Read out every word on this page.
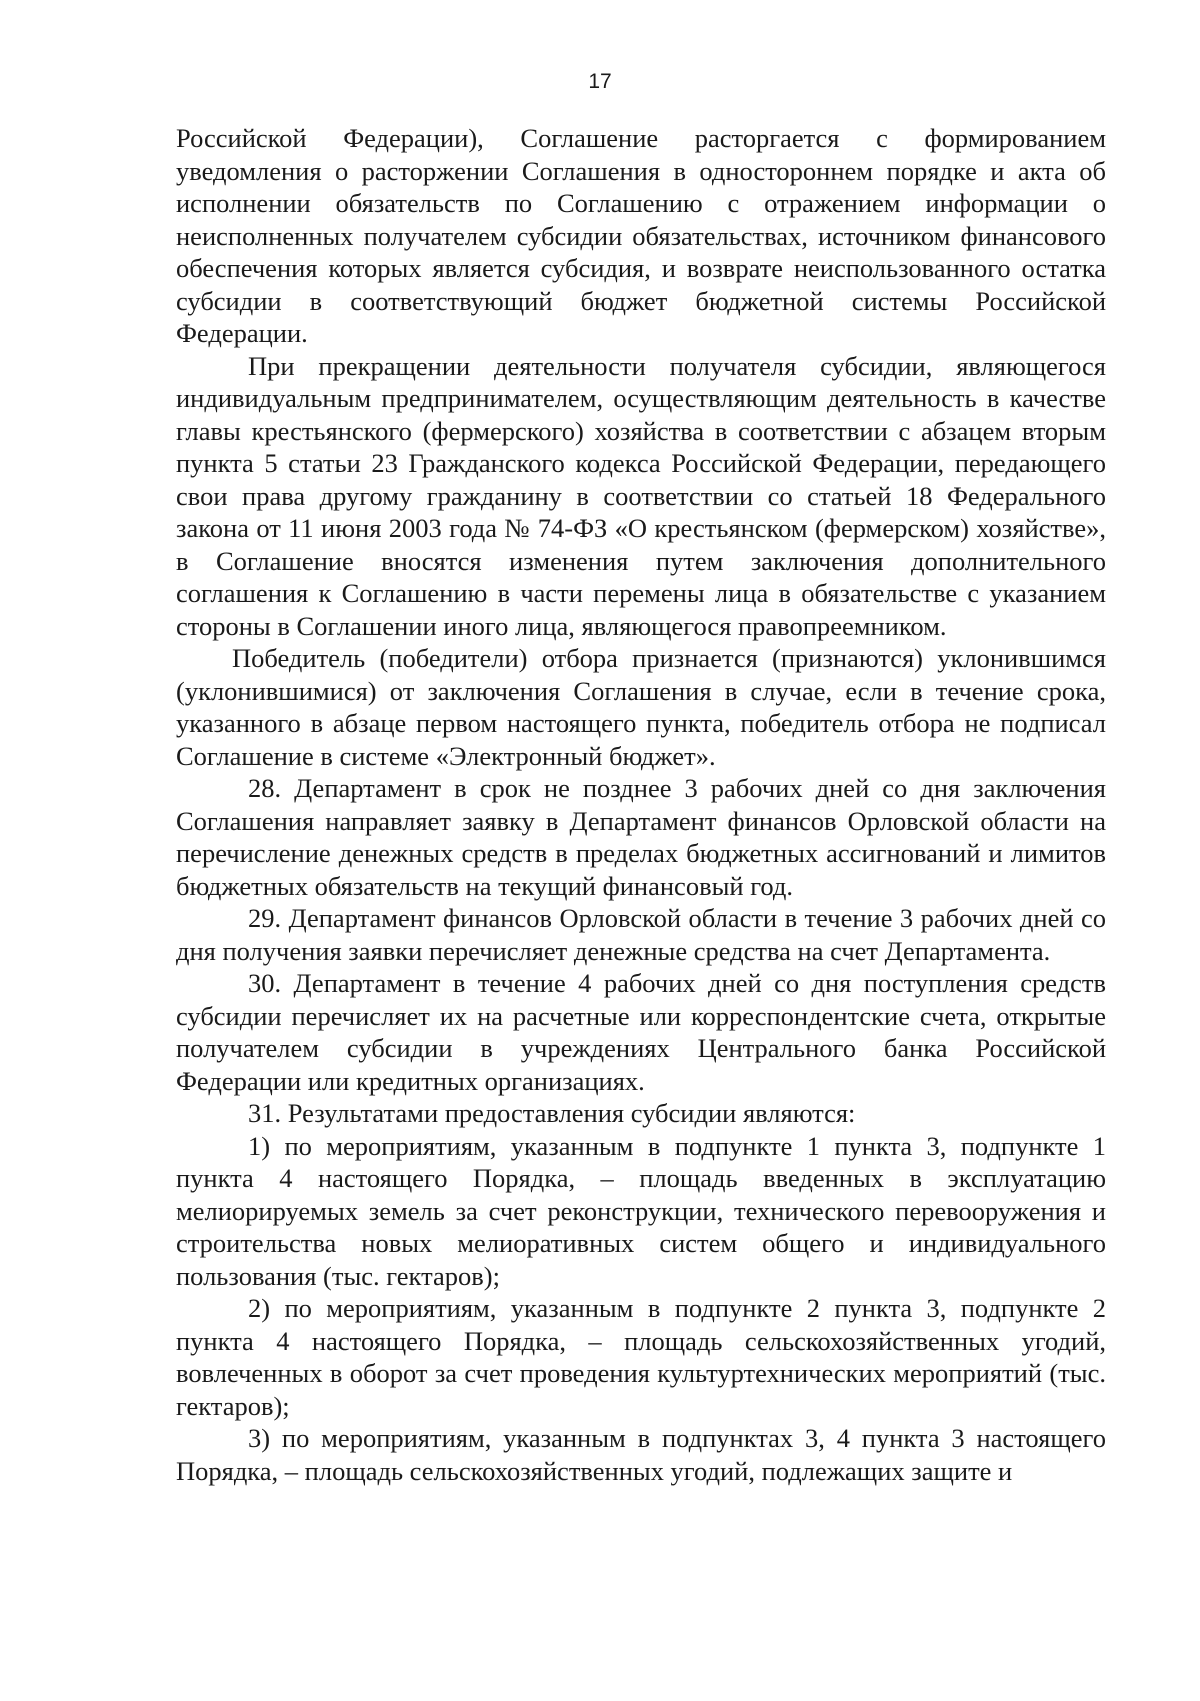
17

Российской Федерации), Соглашение расторгается с формированием уведомления о расторжении Соглашения в одностороннем порядке и акта об исполнении обязательств по Соглашению с отражением информации о неисполненных получателем субсидии обязательствах, источником финансового обеспечения которых является субсидия, и возврате неиспользованного остатка субсидии в соответствующий бюджет бюджетной системы Российской Федерации.

При прекращении деятельности получателя субсидии, являющегося индивидуальным предпринимателем, осуществляющим деятельность в качестве главы крестьянского (фермерского) хозяйства в соответствии с абзацем вторым пункта 5 статьи 23 Гражданского кодекса Российской Федерации, передающего свои права другому гражданину в соответствии со статьей 18 Федерального закона от 11 июня 2003 года № 74-ФЗ «О крестьянском (фермерском) хозяйстве», в Соглашение вносятся изменения путем заключения дополнительного соглашения к Соглашению в части перемены лица в обязательстве с указанием стороны в Соглашении иного лица, являющегося правопреемником.

Победитель (победители) отбора признается (признаются) уклонившимся (уклонившимися) от заключения Соглашения в случае, если в течение срока, указанного в абзаце первом настоящего пункта, победитель отбора не подписал Соглашение в системе «Электронный бюджет».

28. Департамент в срок не позднее 3 рабочих дней со дня заключения Соглашения направляет заявку в Департамент финансов Орловской области на перечисление денежных средств в пределах бюджетных ассигнований и лимитов бюджетных обязательств на текущий финансовый год.

29. Департамент финансов Орловской области в течение 3 рабочих дней со дня получения заявки перечисляет денежные средства на счет Департамента.

30. Департамент в течение 4 рабочих дней со дня поступления средств субсидии перечисляет их на расчетные или корреспондентские счета, открытые получателем субсидии в учреждениях Центрального банка Российской Федерации или кредитных организациях.

31. Результатами предоставления субсидии являются:

1) по мероприятиям, указанным в подпункте 1 пункта 3, подпункте 1 пункта 4 настоящего Порядка, – площадь введенных в эксплуатацию мелиорируемых земель за счет реконструкции, технического перевооружения и строительства новых мелиоративных систем общего и индивидуального пользования (тыс. гектаров);

2) по мероприятиям, указанным в подпункте 2 пункта 3, подпункте 2 пункта 4 настоящего Порядка, – площадь сельскохозяйственных угодий, вовлеченных в оборот за счет проведения культуртехнических мероприятий (тыс. гектаров);

3) по мероприятиям, указанным в подпунктах 3, 4 пункта 3 настоящего Порядка, – площадь сельскохозяйственных угодий, подлежащих защите и
